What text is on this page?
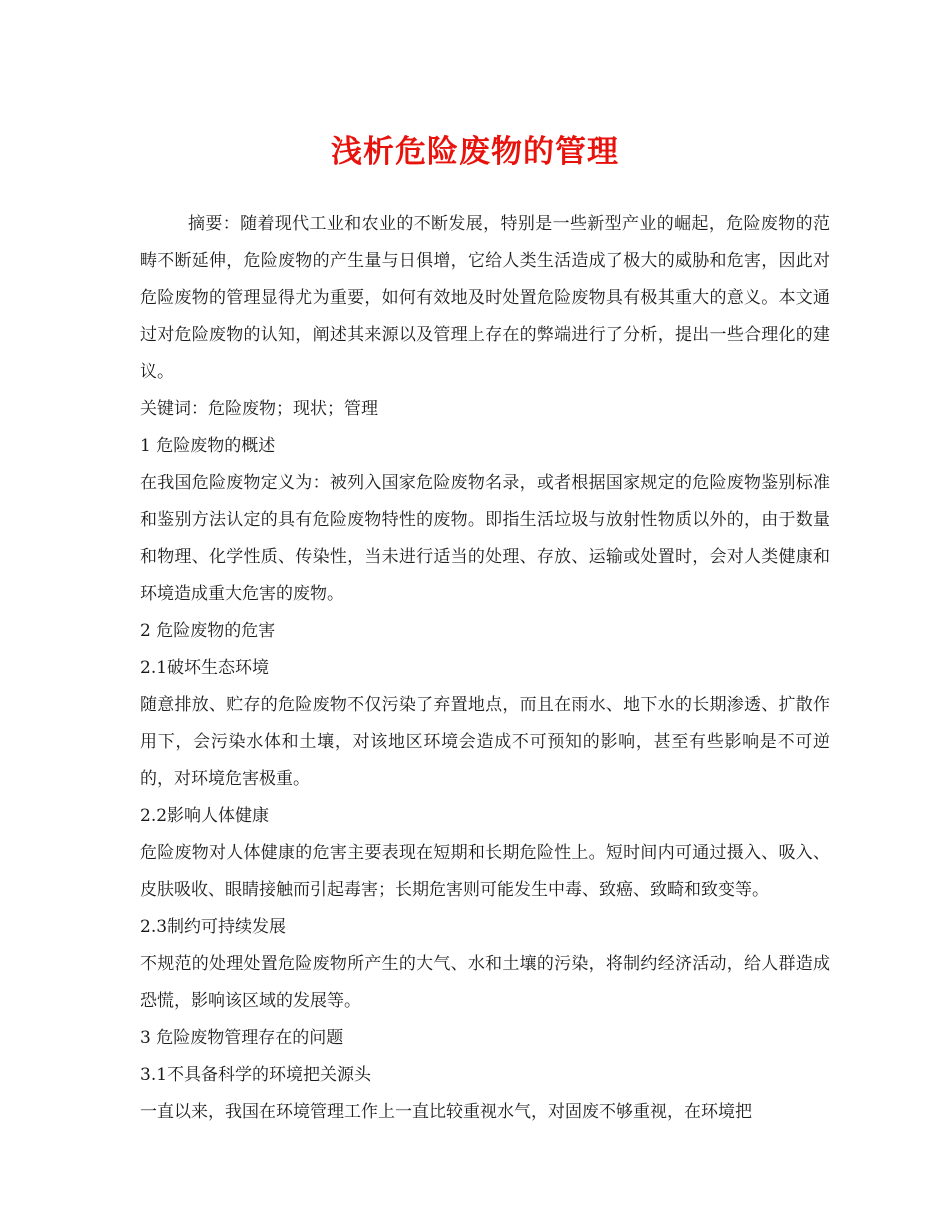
浅析危险废物的管理

摘要：随着现代工业和农业的不断发展，特别是一些新型产业的崛起，危险废物的范畴不断延伸，危险废物的产生量与日俱增，它给人类生活造成了极大的威胁和危害，因此对危险废物的管理显得尤为重要，如何有效地及时处置危险废物具有极其重大的意义。本文通过对危险废物的认知，阐述其来源以及管理上存在的弊端进行了分析，提出一些合理化的建议。

关键词：危险废物；现状；管理

1 危险废物的概述

在我国危险废物定义为：被列入国家危险废物名录，或者根据国家规定的危险废物鉴别标准和鉴别方法认定的具有危险废物特性的废物。即指生活垃圾与放射性物质以外的，由于数量和物理、化学性质、传染性，当未进行适当的处理、存放、运输或处置时，会对人类健康和环境造成重大危害的废物。

2 危险废物的危害

2.1破坏生态环境

随意排放、贮存的危险废物不仅污染了弃置地点，而且在雨水、地下水的长期渗透、扩散作用下，会污染水体和土壤，对该地区环境会造成不可预知的影响，甚至有些影响是不可逆的，对环境危害极重。

2.2影响人体健康

危险废物对人体健康的危害主要表现在短期和长期危险性上。短时间内可通过摄入、吸入、皮肤吸收、眼睛接触而引起毒害；长期危害则可能发生中毒、致癌、致畸和致变等。

2.3制约可持续发展

不规范的处理处置危险废物所产生的大气、水和土壤的污染，将制约经济活动，给人群造成恐慌，影响该区域的发展等。

3 危险废物管理存在的问题

3.1不具备科学的环境把关源头

一直以来，我国在环境管理工作上一直比较重视水气，对固废不够重视，在环境把
